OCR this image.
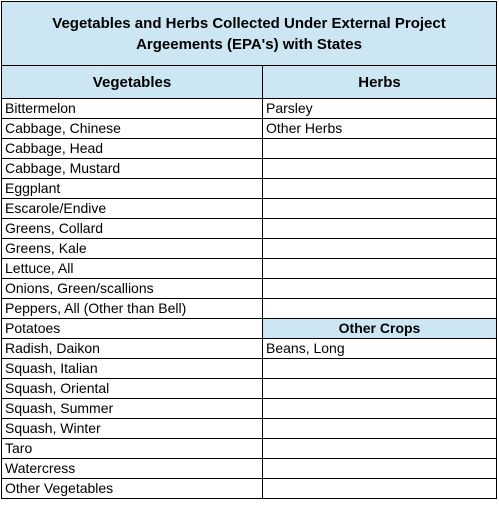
Vegetables and Herbs Collected Under External Project Argeements (EPA's) with States	
Vegetables	Herbs
Bittermelon	Parsley
Cabbage, Chinese	Other Herbs
Cabbage, Head	
Cabbage, Mustard	
Eggplant	
Escarole/Endive	
Greens, Collard	
Greens, Kale	
Lettuce, All	
Onions, Green/scallions	
Peppers, All (Other than Bell)	
Potatoes	Other Crops
Radish, Daikon	Beans, Long
Squash, Italian	
Squash, Oriental	
Squash, Summer	
Squash, Winter	
Taro	
Watercress	
Other Vegetables	
